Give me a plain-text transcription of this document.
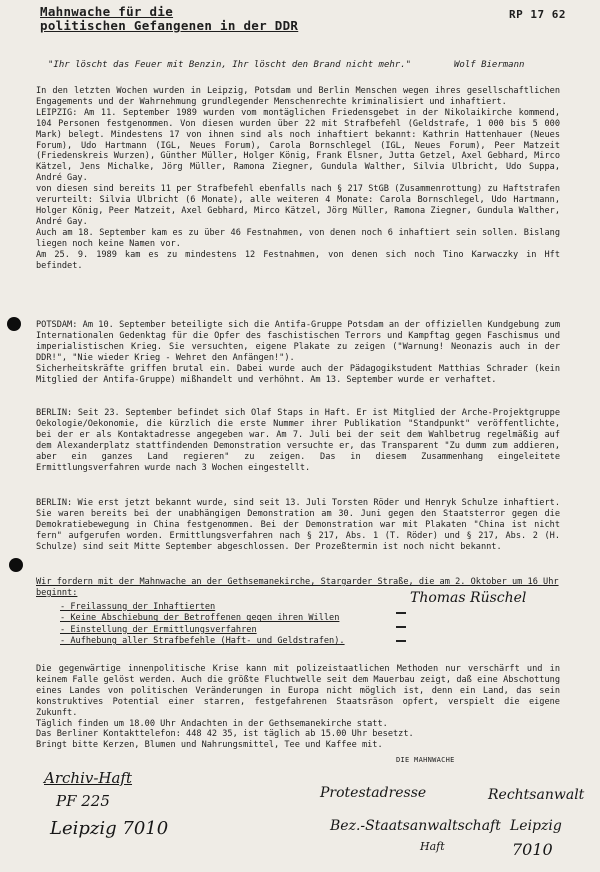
Mahnwache für die
politischen Gefangenen in der DDR
RP 17 62
"Ihr löscht das Feuer mit Benzin, Ihr löscht den Brand nicht mehr."	Wolf Biermann

In den letzten Wochen wurden in Leipzig, Potsdam und Berlin Menschen wegen ihres gesellschaftlichen Engagements und der Wahrnehmung grundlegender Menschenrechte kriminalisiert und inhaftiert.

LEIPZIG: Am 11. September 1989 wurden vom montäglichen Friedensgebet in der Nikolaikirche kommend, 104 Personen festgenommen. Von diesen wurden über 22 mit Strafbefehl (Geldstrafe, 1 000 bis 5 000 Mark) belegt. Mindestens 17 von ihnen sind als noch inhaftiert bekannt: Kathrin Hattenhauer (Neues Forum), Udo Hartmann (IGL, Neues Forum), Carola Bornschlegel (IGL, Neues Forum), Peer Matzeit (Friedenskreis Wurzen), Günther Müller, Holger König, Frank Elsner, Jutta Getzel, Axel Gebhard, Mirco Kätzel, Jens Michalke, Jörg Müller, Ramona Ziegner, Gundula Walther, Silvia Ulbricht, Udo Suppa, André Gay.

von diesen sind bereits 11 per Strafbefehl ebenfalls nach § 217 StGB (Zusammenrottung) zu Haftstrafen verurteilt: Silvia Ulbricht (6 Monate), alle weiteren 4 Monate: Carola Bornschlegel, Udo Hartmann, Holger König, Peer Matzeit, Axel Gebhard, Mirco Kätzel, Jörg Müller, Ramona Ziegner, Gundula Walther, André Gay.

Auch am 18. September kam es zu über 46 Festnahmen, von denen noch 6 inhaftiert sein sollen. Bislang liegen noch keine Namen vor.

Am 25. 9. 1989 kam es zu mindestens 12 Festnahmen, von denen sich noch Tino Karwaczky in Hft befindet.

POTSDAM: Am 10. September beteiligte sich die Antifa-Gruppe Potsdam an der offiziellen Kundgebung zum Internationalen Gedenktag für die Opfer des faschistischen Terrors und Kampftag gegen Faschismus und imperialistischen Krieg. Sie versuchten, eigene Plakate zu zeigen ("Warnung! Neonazis auch in der DDR!", "Nie wieder Krieg - Wehret den Anfängen!").

Sicherheitskräfte griffen brutal ein. Dabei wurde auch der Pädagogikstudent Matthias Schrader (kein Mitglied der Antifa-Gruppe) mißhandelt und verhöhnt. Am 13. September wurde er verhaftet.

BERLIN: Seit 23. September befindet sich Olaf Staps in Haft. Er ist Mitglied der Arche-Projektgruppe Oekologie/Oekonomie, die kürzlich die erste Nummer ihrer Publikation "Standpunkt" veröffentlichte, bei der er als Kontaktadresse angegeben war. Am 7. Juli bei der seit dem Wahlbetrug regelmäßig auf dem Alexanderplatz stattfindenden Demonstration versuchte er, das Transparent "Zu dumm zum addieren, aber ein ganzes Land regieren" zu zeigen. Das in diesem Zusammenhang eingeleitete Ermittlungsverfahren wurde nach 3 Wochen eingestellt.

BERLIN: Wie erst jetzt bekannt wurde, sind seit 13. Juli Torsten Röder und Henryk Schulze inhaftiert. Sie waren bereits bei der unabhängigen Demonstration am 30. Juni gegen den Staatsterror gegen die Demokratiebewegung in China festgenommen. Bei der Demonstration war mit Plakaten "China ist nicht fern" aufgerufen worden. Ermittlungsverfahren nach § 217, Abs. 1 (T. Röder) und § 217, Abs. 2 (H. Schulze) sind seit Mitte September abgeschlossen. Der Prozeßtermin ist noch nicht bekannt.

Wir fordern mit der Mahnwache an der Gethsemanekirche, Stargarder Straße, die am 2. Oktober um 16 Uhr beginnt:
- Freilassung der Inhaftierten
- Keine Abschiebung der Betroffenen gegen ihren Willen
- Einstellung der Ermittlungsverfahren
- Aufhebung aller Strafbefehle (Haft- und Geldstrafen).
Thomas Rüschel

Die gegenwärtige innenpolitische Krise kann mit polizeistaatlichen Methoden nur verschärft und in keinem Falle gelöst werden. Auch die größte Fluchtwelle seit dem Mauerbau zeigt, daß eine Abschottung eines Landes von politischen Veränderungen in Europa nicht möglich ist, denn ein Land, das sein konstruktives Potential einer starren, festgefahrenen Staatsräson opfert, verspielt die eigene Zukunft.

Täglich finden um 18.00 Uhr Andachten in der Gethsemanekirche statt.

Das Berliner Kontakttelefon: 448 42 35, ist täglich ab 15.00 Uhr besetzt.

Bringt bitte Kerzen, Blumen und Nahrungsmittel, Tee und Kaffee mit.

DIE MAHNWACHE
Archiv-Haft
PF 225
Leipzig 7010
Protestadresse	Rechtsanwalt
Bez.-Staatsanwaltschaft
Haft
Leipzig
7010
